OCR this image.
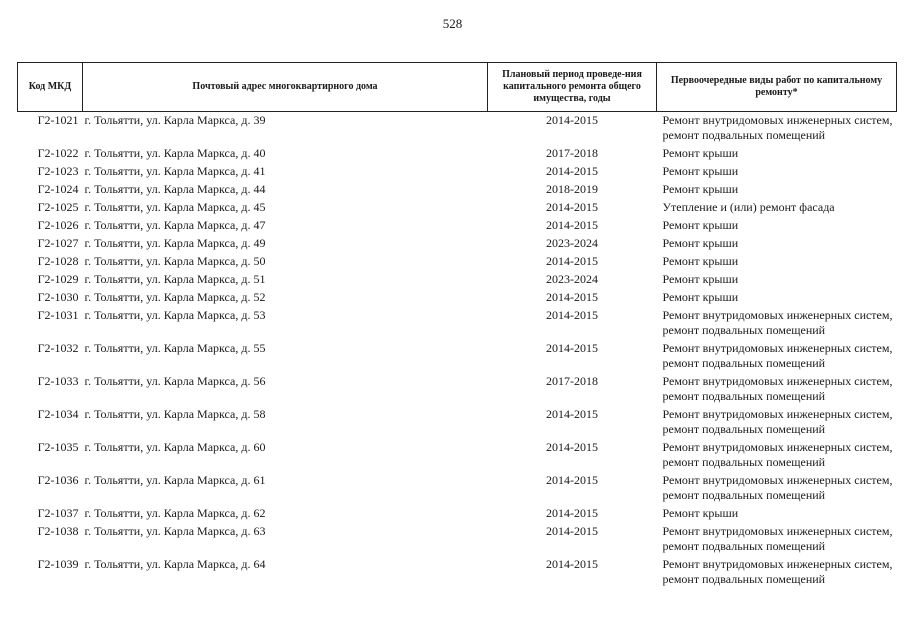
528
Код МКД	Почтовый адрес многоквартирного дома	Плановый период проведе-ния капитального ремонта общего имущества, годы	Первоочередные виды работ по капитальному ремонту*
Г2-1021	г. Тольятти, ул. Карла Маркса, д. 39	2014-2015	Ремонт внутридомовых инженерных систем,
ремонт подвальных помещений

Г2-1022	г. Тольятти, ул. Карла Маркса, д. 40	2017-2018	Ремонт крыши

Г2-1023	г. Тольятти, ул. Карла Маркса, д. 41	2014-2015	Ремонт крыши

Г2-1024	г. Тольятти, ул. Карла Маркса, д. 44	2018-2019	Ремонт крыши

Г2-1025	г. Тольятти, ул. Карла Маркса, д. 45	2014-2015	Утепление и (или) ремонт фасада

Г2-1026	г. Тольятти, ул. Карла Маркса, д. 47	2014-2015	Ремонт крыши

Г2-1027	г. Тольятти, ул. Карла Маркса, д. 49	2023-2024	Ремонт крыши

Г2-1028	г. Тольятти, ул. Карла Маркса, д. 50	2014-2015	Ремонт крыши

Г2-1029	г. Тольятти, ул. Карла Маркса, д. 51	2023-2024	Ремонт крыши

Г2-1030	г. Тольятти, ул. Карла Маркса, д. 52	2014-2015	Ремонт крыши

Г2-1031	г. Тольятти, ул. Карла Маркса, д. 53	2014-2015	Ремонт внутридомовых инженерных систем,
ремонт подвальных помещений

Г2-1032	г. Тольятти, ул. Карла Маркса, д. 55	2014-2015	Ремонт внутридомовых инженерных систем,
ремонт подвальных помещений

Г2-1033	г. Тольятти, ул. Карла Маркса, д. 56	2017-2018	Ремонт внутридомовых инженерных систем,
ремонт подвальных помещений

Г2-1034	г. Тольятти, ул. Карла Маркса, д. 58	2014-2015	Ремонт внутридомовых инженерных систем,
ремонт подвальных помещений

Г2-1035	г. Тольятти, ул. Карла Маркса, д. 60	2014-2015	Ремонт внутридомовых инженерных систем,
ремонт подвальных помещений

Г2-1036	г. Тольятти, ул. Карла Маркса, д. 61	2014-2015	Ремонт внутридомовых инженерных систем,
ремонт подвальных помещений

Г2-1037	г. Тольятти, ул. Карла Маркса, д. 62	2014-2015	Ремонт крыши

Г2-1038	г. Тольятти, ул. Карла Маркса, д. 63	2014-2015	Ремонт внутридомовых инженерных систем,
ремонт подвальных помещений

Г2-1039	г. Тольятти, ул. Карла Маркса, д. 64	2014-2015	Ремонт внутридомовых инженерных систем,
ремонт подвальных помещений
